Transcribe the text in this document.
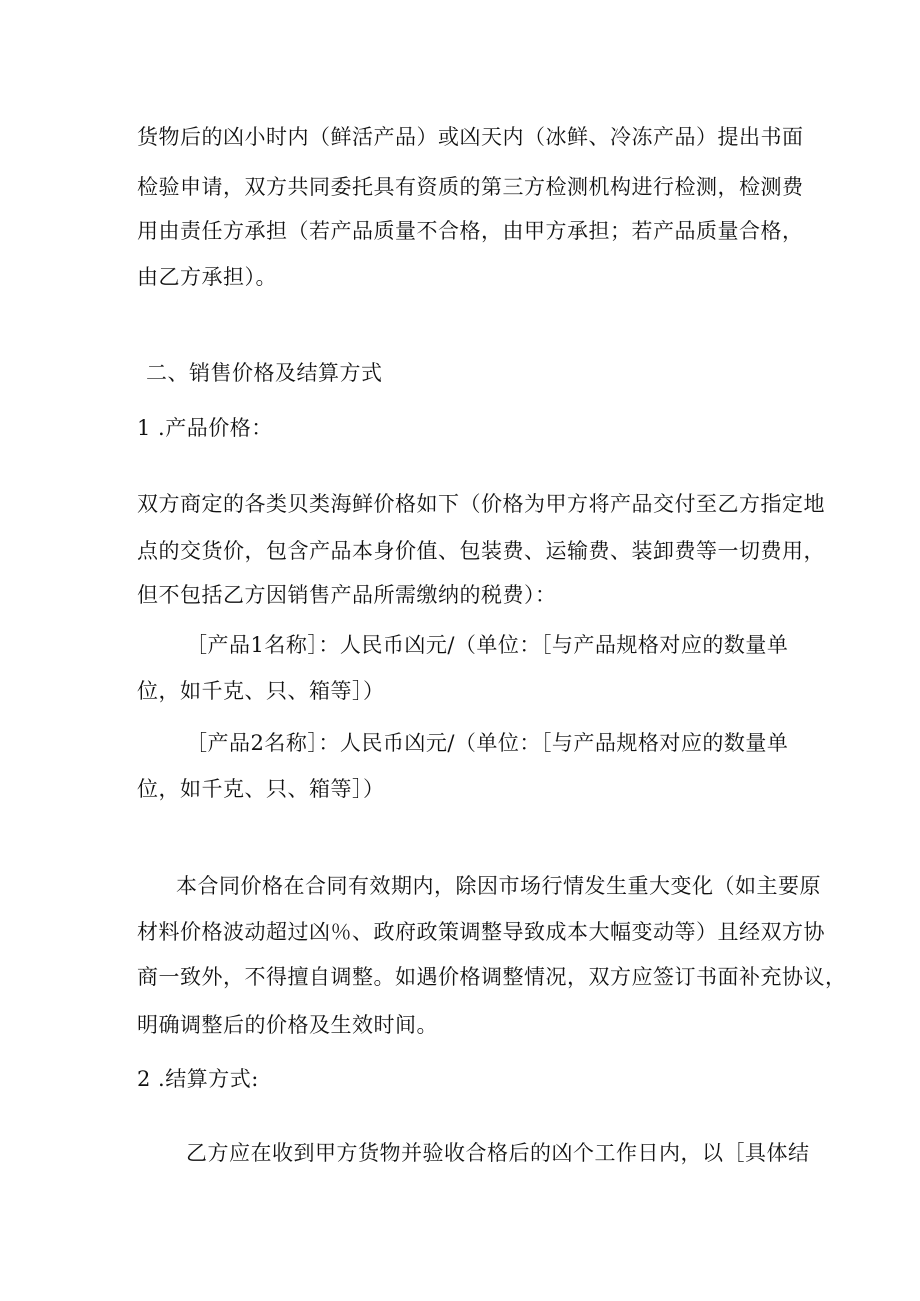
货物后的凶小时内（鲜活产品）或凶天内（冰鲜、冷冻产品）提出书面
检验申请，双方共同委托具有资质的第三方检测机构进行检测，检测费
用由责任方承担（若产品质量不合格，由甲方承担；若产品质量合格，
由乙方承担）。
二、销售价格及结算方式
1 .产品价格：
双方商定的各类贝类海鲜价格如下（价格为甲方将产品交付至乙方指定地
点的交货价，包含产品本身价值、包装费、运输费、装卸费等一切费用，
但不包括乙方因销售产品所需缴纳的税费）：
［产品1名称］：人民币凶元/（单位：［与产品规格对应的数量单
位，如千克、只、箱等］）
［产品2名称］：人民币凶元/（单位：［与产品规格对应的数量单
位，如千克、只、箱等］）
本合同价格在合同有效期内，除因市场行情发生重大变化（如主要原
材料价格波动超过凶％、政府政策调整导致成本大幅变动等）且经双方协
商一致外，不得擅自调整。如遇价格调整情况，双方应签订书面补充协议，
明确调整后的价格及生效时间。
2 .结算方式:
乙方应在收到甲方货物并验收合格后的凶个工作日内，以［具体结
